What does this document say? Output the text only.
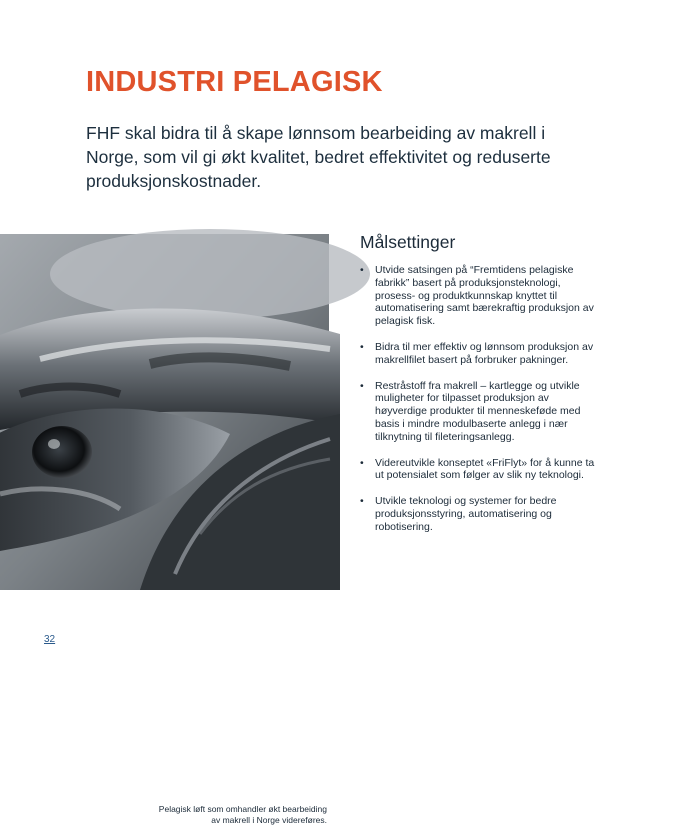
INDUSTRI PELAGISK

FHF skal bidra til å skape lønnsom bearbeiding av makrell i Norge, som vil gi økt kvalitet, bedret effektivitet og reduserte produksjonskostnader.

Pelagisk løft som omhandler økt bearbeiding
av makrell i Norge videreføres.
Målsettinger
• Utvide satsingen på “Fremtidens pelagiske fabrikk” basert på produksjonsteknologi, prosess- og produktkunnskap knyttet til automatisering samt bærekraftig produksjon av pelagisk fisk.
• Bidra til mer effektiv og lønnsom produksjon av makrellfilet basert på forbruker pakninger.
• Restråstoff fra makrell – kartlegge og utvikle muligheter for tilpasset produksjon av høyverdige produkter til menneskeføde med basis i mindre modulbaserte anlegg i nær tilknytning til fileteringsanlegg.
• Videreutvikle konseptet «FriFlyt» for å kunne ta ut potensialet som følger av slik ny teknologi.
• Utvikle teknologi og systemer for bedre produksjonsstyring, automatisering og robotisering.
32
